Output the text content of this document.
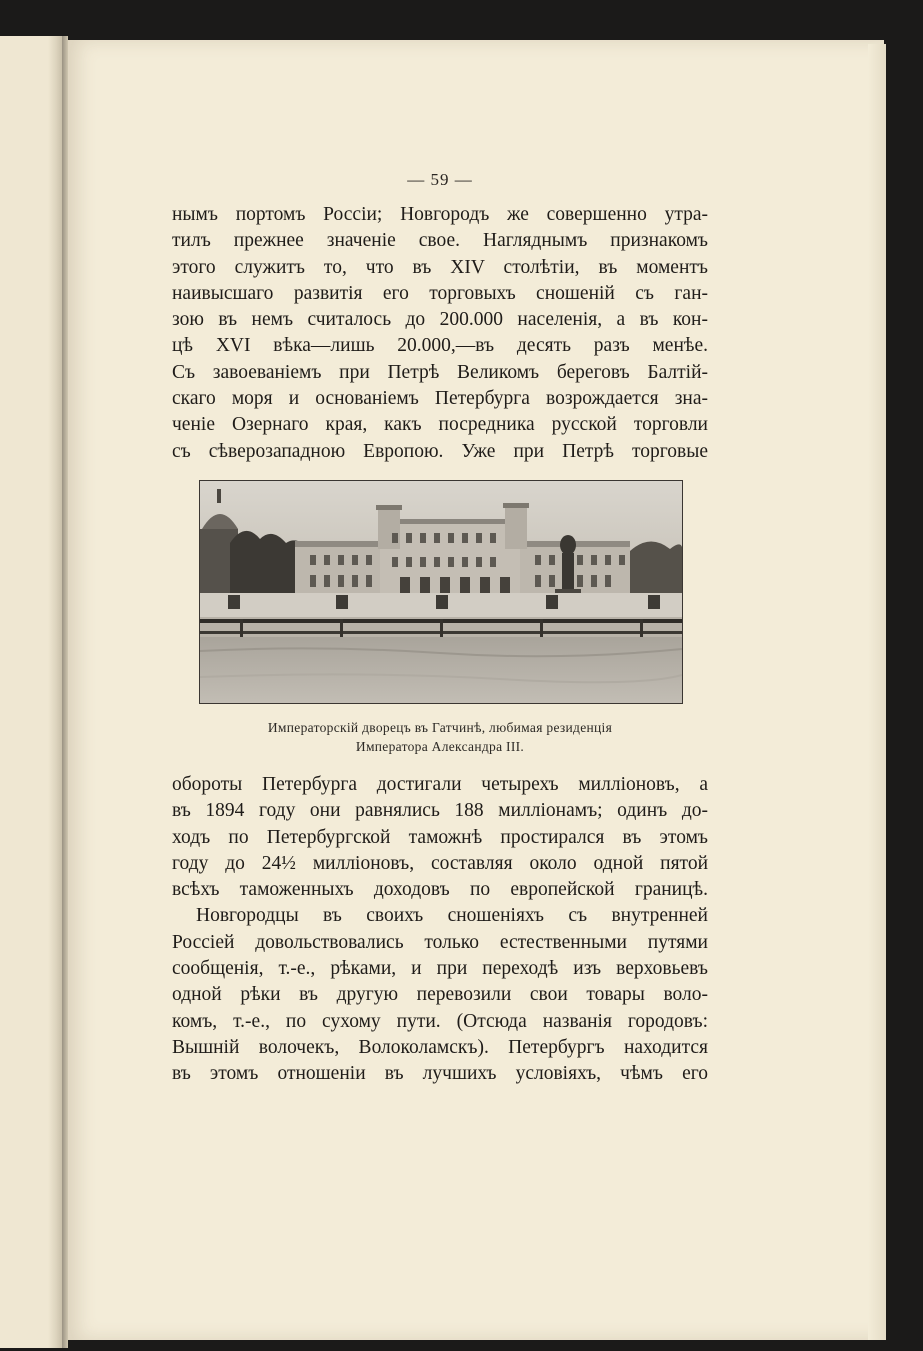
— 59 —
нымъ портомъ Россіи; Новгородъ же совершенно утра-
тилъ прежнее значеніе свое. Нагляднымъ признакомъ
этого служитъ то, что въ XIV столѣтіи, въ моментъ
наивысшаго развитія его торговыхъ сношеній съ ган-
зою въ немъ считалось до 200.000 населенія, а въ кон-
цѣ XVI вѣка—лишь 20.000,—въ десять разъ менѣе.
Съ завоеваніемъ при Петрѣ Великомъ береговъ Балтій-
скаго моря и основаніемъ Петербурга возрождается зна-
ченіе Озернаго края, какъ посредника русской торговли
съ сѣверозападною Европою. Уже при Петрѣ торговые
Императорскій дворецъ въ Гатчинѣ, любимая резиденція
Императора Александра III.
обороты Петербурга достигали четырехъ милліоновъ, а
въ 1894 году они равнялись 188 милліонамъ; одинъ до-
ходъ по Петербургской таможнѣ простирался въ этомъ
году до 24½ милліоновъ, составляя около одной пятой
всѣхъ таможенныхъ доходовъ по европейской границѣ.
Новгородцы въ своихъ сношеніяхъ съ внутренней
Россіей довольствовались только естественными путями
сообщенія, т.-е., рѣками, и при переходѣ изъ верховьевъ
одной рѣки въ другую перевозили свои товары воло-
комъ, т.-е., по сухому пути. (Отсюда названія городовъ:
Вышній волочекъ, Волоколамскъ). Петербургъ находится
въ этомъ отношеніи въ лучшихъ условіяхъ, чѣмъ его
